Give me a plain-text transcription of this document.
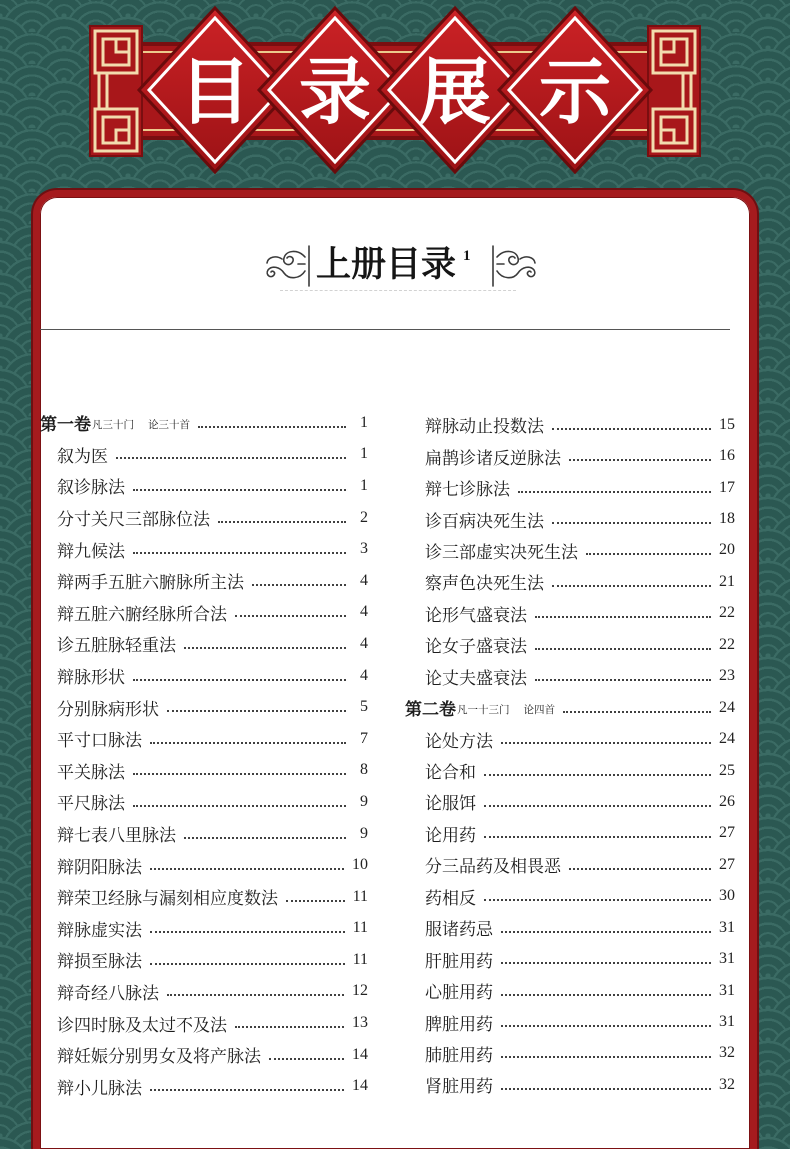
目 录 展 示
上册目录 1
第一卷 凡三十门 论三十首	1
叙为医	1
叙诊脉法	1
分寸关尺三部脉位法	2
辩九候法	3
辩两手五脏六腑脉所主法	4
辩五脏六腑经脉所合法	4
诊五脏脉轻重法	4
辩脉形状	4
分别脉病形状	5
平寸口脉法	7
平关脉法	8
平尺脉法	9
辩七表八里脉法	9
辩阴阳脉法	10
辩荣卫经脉与漏刻相应度数法	11
辩脉虚实法	11
辩损至脉法	11
辩奇经八脉法	12
诊四时脉及太过不及法	13
辩妊娠分别男女及将产脉法	14
辩小儿脉法	14
辩脉动止投数法	15
扁鹊诊诸反逆脉法	16
辩七诊脉法	17
诊百病决死生法	18
诊三部虚实决死生法	20
察声色决死生法	21
论形气盛衰法	22
论女子盛衰法	22
论丈夫盛衰法	23
第二卷 凡一十三门 论四首	24
论处方法	24
论合和	25
论服饵	26
论用药	27
分三品药及相畏恶	27
药相反	30
服诸药忌	31
肝脏用药	31
心脏用药	31
脾脏用药	31
肺脏用药	32
肾脏用药	32
